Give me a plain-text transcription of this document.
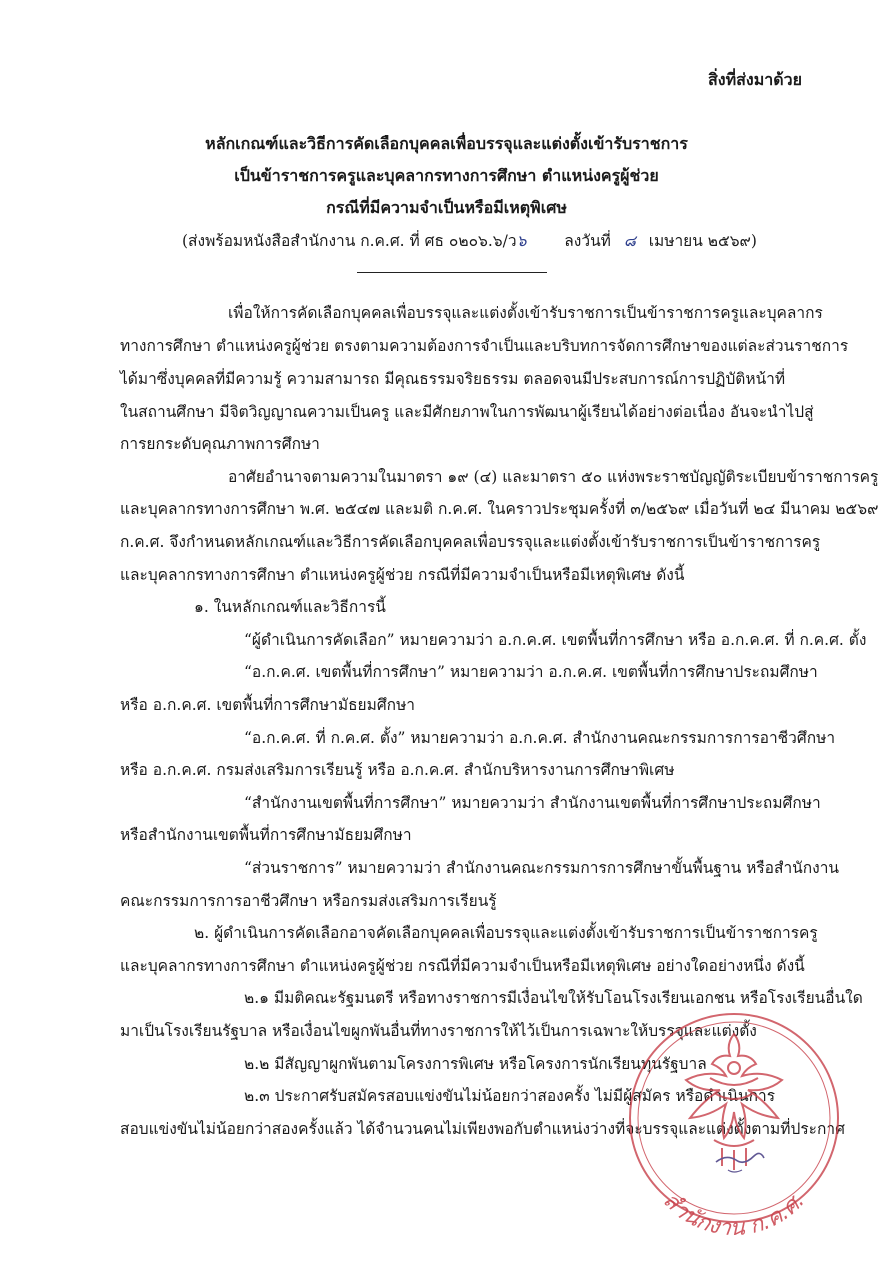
สิ่งที่ส่งมาด้วย
หลักเกณฑ์และวิธีการคัดเลือกบุคคลเพื่อบรรจุและแต่งตั้งเข้ารับราชการ
เป็นข้าราชการครูและบุคลากรทางการศึกษา ตำแหน่งครูผู้ช่วย
กรณีที่มีความจำเป็นหรือมีเหตุพิเศษ
(ส่งพร้อมหนังสือสำนักงาน ก.ค.ศ. ที่ ศธ ๐๒๐๖.๖/ว๖ ลงวันที่ ๘ เมษายน ๒๕๖๙)
เพื่อให้การคัดเลือกบุคคลเพื่อบรรจุและแต่งตั้งเข้ารับราชการเป็นข้าราชการครูและบุคลากร
ทางการศึกษา ตำแหน่งครูผู้ช่วย ตรงตามความต้องการจำเป็นและบริบทการจัดการศึกษาของแต่ละส่วนราชการ
ได้มาซึ่งบุคคลที่มีความรู้ ความสามารถ มีคุณธรรมจริยธรรม ตลอดจนมีประสบการณ์การปฏิบัติหน้าที่
ในสถานศึกษา มีจิตวิญญาณความเป็นครู และมีศักยภาพในการพัฒนาผู้เรียนได้อย่างต่อเนื่อง อันจะนำไปสู่
การยกระดับคุณภาพการศึกษา
อาศัยอำนาจตามความในมาตรา ๑๙ (๔) และมาตรา ๕๐ แห่งพระราชบัญญัติระเบียบข้าราชการครู
และบุคลากรทางการศึกษา พ.ศ. ๒๕๔๗ และมติ ก.ค.ศ. ในคราวประชุมครั้งที่ ๓/๒๕๖๙ เมื่อวันที่ ๒๔ มีนาคม ๒๕๖๙
ก.ค.ศ. จึงกำหนดหลักเกณฑ์และวิธีการคัดเลือกบุคคลเพื่อบรรจุและแต่งตั้งเข้ารับราชการเป็นข้าราชการครู
และบุคลากรทางการศึกษา ตำแหน่งครูผู้ช่วย กรณีที่มีความจำเป็นหรือมีเหตุพิเศษ ดังนี้
๑. ในหลักเกณฑ์และวิธีการนี้
“ผู้ดำเนินการคัดเลือก” หมายความว่า อ.ก.ค.ศ. เขตพื้นที่การศึกษา หรือ อ.ก.ค.ศ. ที่ ก.ค.ศ. ตั้ง
“อ.ก.ค.ศ. เขตพื้นที่การศึกษา” หมายความว่า อ.ก.ค.ศ. เขตพื้นที่การศึกษาประถมศึกษา
หรือ อ.ก.ค.ศ. เขตพื้นที่การศึกษามัธยมศึกษา
“อ.ก.ค.ศ. ที่ ก.ค.ศ. ตั้ง” หมายความว่า อ.ก.ค.ศ. สำนักงานคณะกรรมการการอาชีวศึกษา
หรือ อ.ก.ค.ศ. กรมส่งเสริมการเรียนรู้ หรือ อ.ก.ค.ศ. สำนักบริหารงานการศึกษาพิเศษ
“สำนักงานเขตพื้นที่การศึกษา” หมายความว่า สำนักงานเขตพื้นที่การศึกษาประถมศึกษา
หรือสำนักงานเขตพื้นที่การศึกษามัธยมศึกษา
“ส่วนราชการ” หมายความว่า สำนักงานคณะกรรมการการศึกษาขั้นพื้นฐาน หรือสำนักงาน
คณะกรรมการการอาชีวศึกษา หรือกรมส่งเสริมการเรียนรู้
๒. ผู้ดำเนินการคัดเลือกอาจคัดเลือกบุคคลเพื่อบรรจุและแต่งตั้งเข้ารับราชการเป็นข้าราชการครู
และบุคลากรทางการศึกษา ตำแหน่งครูผู้ช่วย กรณีที่มีความจำเป็นหรือมีเหตุพิเศษ อย่างใดอย่างหนึ่ง ดังนี้
๒.๑ มีมติคณะรัฐมนตรี หรือทางราชการมีเงื่อนไขให้รับโอนโรงเรียนเอกชน หรือโรงเรียนอื่นใด
มาเป็นโรงเรียนรัฐบาล หรือเงื่อนไขผูกพันอื่นที่ทางราชการให้ไว้เป็นการเฉพาะให้บรรจุและแต่งตั้ง
๒.๒ มีสัญญาผูกพันตามโครงการพิเศษ หรือโครงการนักเรียนทุนรัฐบาล
๒.๓ ประกาศรับสมัครสอบแข่งขันไม่น้อยกว่าสองครั้ง ไม่มีผู้สมัคร หรือดำเนินการ
สอบแข่งขันไม่น้อยกว่าสองครั้งแล้ว ได้จำนวนคนไม่เพียงพอกับตำแหน่งว่างที่จะบรรจุและแต่งตั้งตามที่ประกาศ
สำนักงาน ก.ค.ศ.
